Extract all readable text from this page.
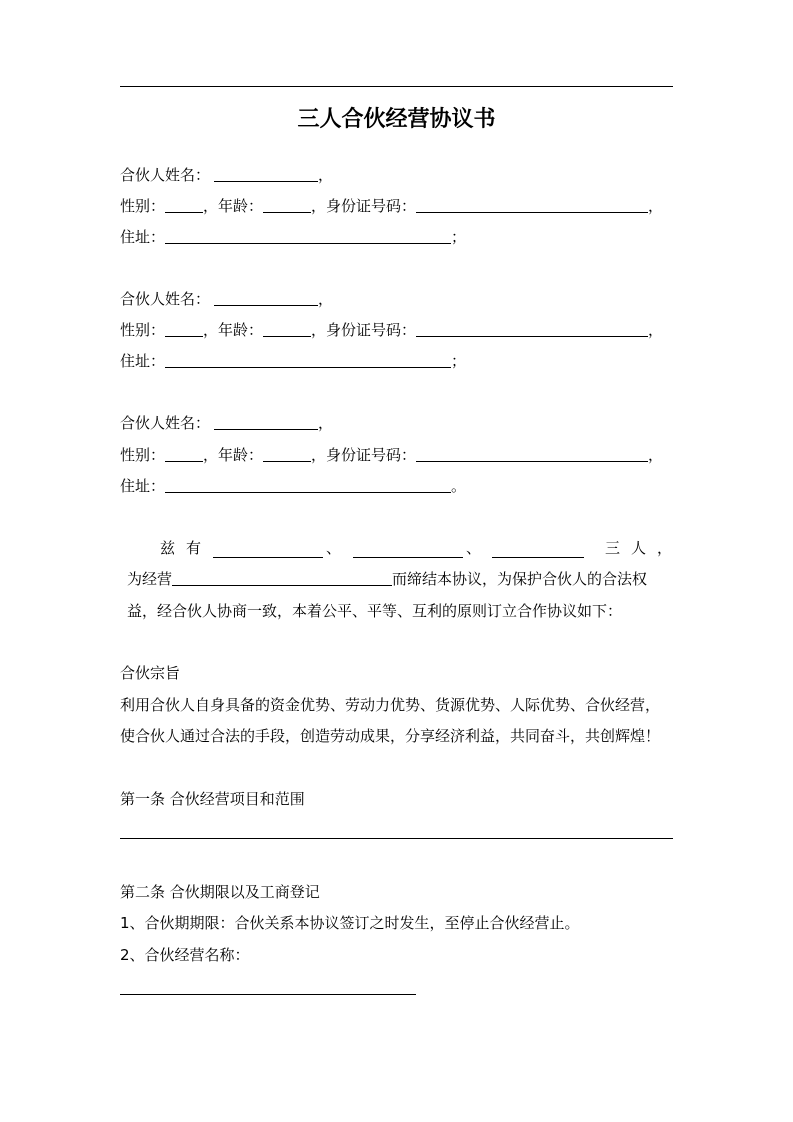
三人合伙经营协议书
合伙人姓名：	，
性别：	，年龄：	，身份证号码：	，
住址：	；
合伙人姓名：	，
性别：	，年龄：	，身份证号码：	，
住址：	；
合伙人姓名：	，
性别：	，年龄：	，身份证号码：	，
住址：	。
兹 有	、	、	三 人 ，
为经营	而缔结本协议，为保护合伙人的合法权
益，经合伙人协商一致，本着公平、平等、互利的原则订立合作协议如下：
合伙宗旨
利用合伙人自身具备的资金优势、劳动力优势、货源优势、人际优势、合伙经营，
使合伙人通过合法的手段，创造劳动成果，分享经济利益，共同奋斗，共创辉煌！
第一条 合伙经营项目和范围
第二条 合伙期限以及工商登记
1、合伙期期限：合伙关系本协议签订之时发生，至停止合伙经营止。
2、合伙经营名称：
